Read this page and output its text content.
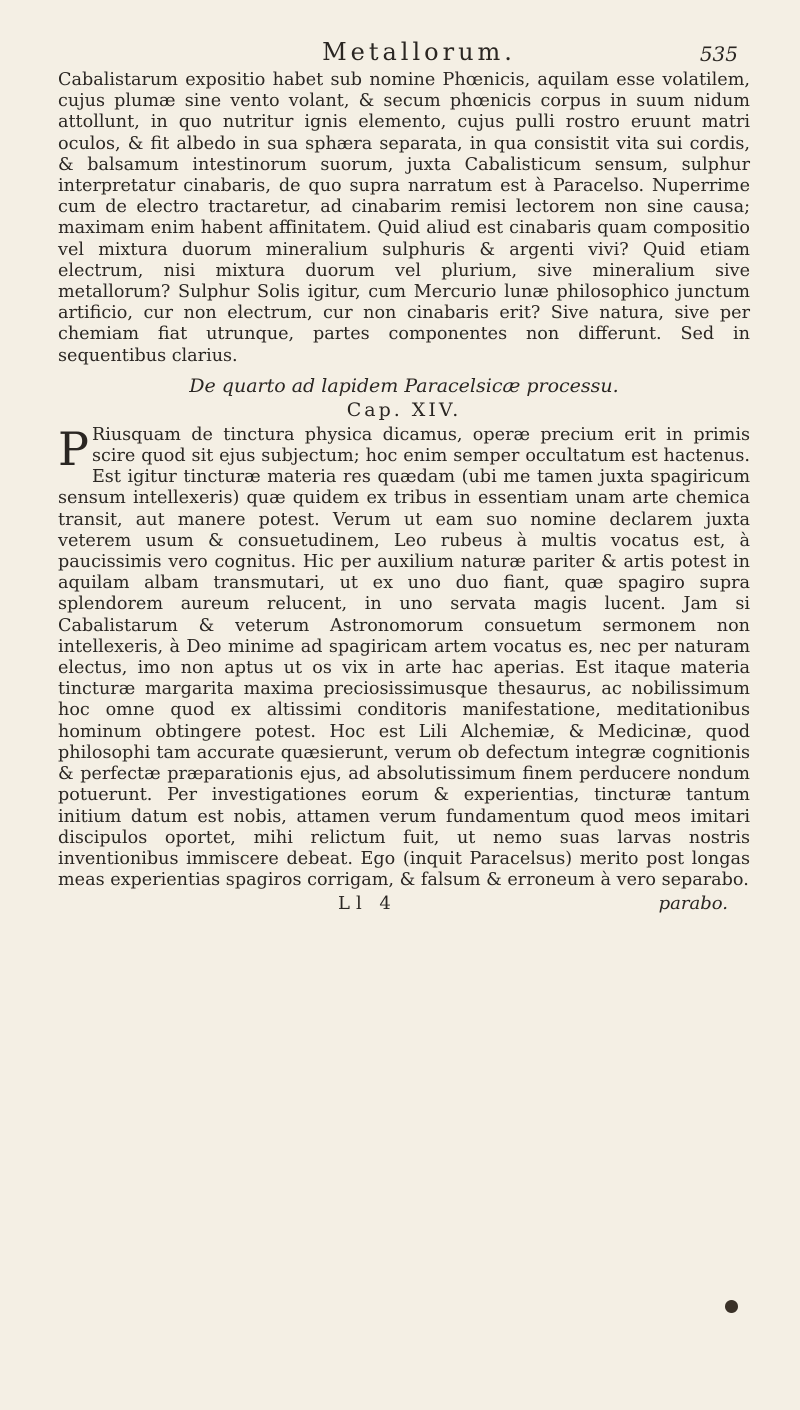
Metallorum.	535

Cabalistarum expositio habet sub nomine Phœnicis, aquilam esse volatilem, cujus plumæ sine vento volant, & secum phœnicis corpus in suum nidum attollunt, in quo nutritur ignis elemento, cujus pulli rostro eruunt matri oculos, & fit albedo in sua sphæra separata, in qua consistit vita sui cordis, & balsamum intestinorum suorum, juxta Cabalisticum sensum, sulphur interpretatur cinabaris, de quo supra narratum est à Paracelso. Nuperrime cum de electro tractaretur, ad cinabarim remisi lectorem non sine causa; maximam enim habent affinitatem. Quid aliud est cinabaris quam compositio vel mixtura duorum mineralium sulphuris & argenti vivi? Quid etiam electrum, nisi mixtura duorum vel plurium, sive mineralium sive metallorum? Sulphur Solis igitur, cum Mercurio lunæ philosophico junctum artificio, cur non electrum, cur non cinabaris erit? Sive natura, sive per chemiam fiat utrunque, partes componentes non differunt. Sed in sequentibus clarius.

De quarto ad lapidem Paracelsicæ processu.
Cap. XIV.

P Riusquam de tinctura physica dicamus, operæ precium erit in primis scire quod sit ejus subjectum; hoc enim semper occultatum est hactenus. Est igitur tincturæ materia res quædam (ubi me tamen juxta spagiricum sensum intellexeris) quæ quidem ex tribus in essentiam unam arte chemica transit, aut manere potest. Verum ut eam suo nomine declarem juxta veterem usum & consuetudinem, Leo rubeus à multis vocatus est, à paucissimis vero cognitus. Hic per auxilium naturæ pariter & artis potest in aquilam albam transmutari, ut ex uno duo fiant, quæ spagiro supra splendorem aureum relucent, in uno servata magis lucent. Jam si Cabalistarum & veterum Astronomorum consuetum sermonem non intellexeris, à Deo minime ad spagiricam artem vocatus es, nec per naturam electus, imo non aptus ut os vix in arte hac aperias. Est itaque materia tincturæ margarita maxima preciosissimusque thesaurus, ac nobilissimum hoc omne quod ex altissimi conditoris manifestatione, meditationibus hominum obtingere potest. Hoc est Lili Alchemiæ, & Medicinæ, quod philosophi tam accurate quæsierunt, verum ob defectum integræ cognitionis & perfectæ præparationis ejus, ad absolutissimum finem perducere nondum potuerunt. Per investigationes eorum & experientias, tincturæ tantum initium datum est nobis, attamen verum fundamentum quod meos imitari discipulos oportet, mihi relictum fuit, ut nemo suas larvas nostris inventionibus immiscere debeat. Ego (inquit Paracelsus) merito post longas meas experientias spagiros corrigam, & falsum & erroneum à vero separabo.

Ll 4	parabo.
